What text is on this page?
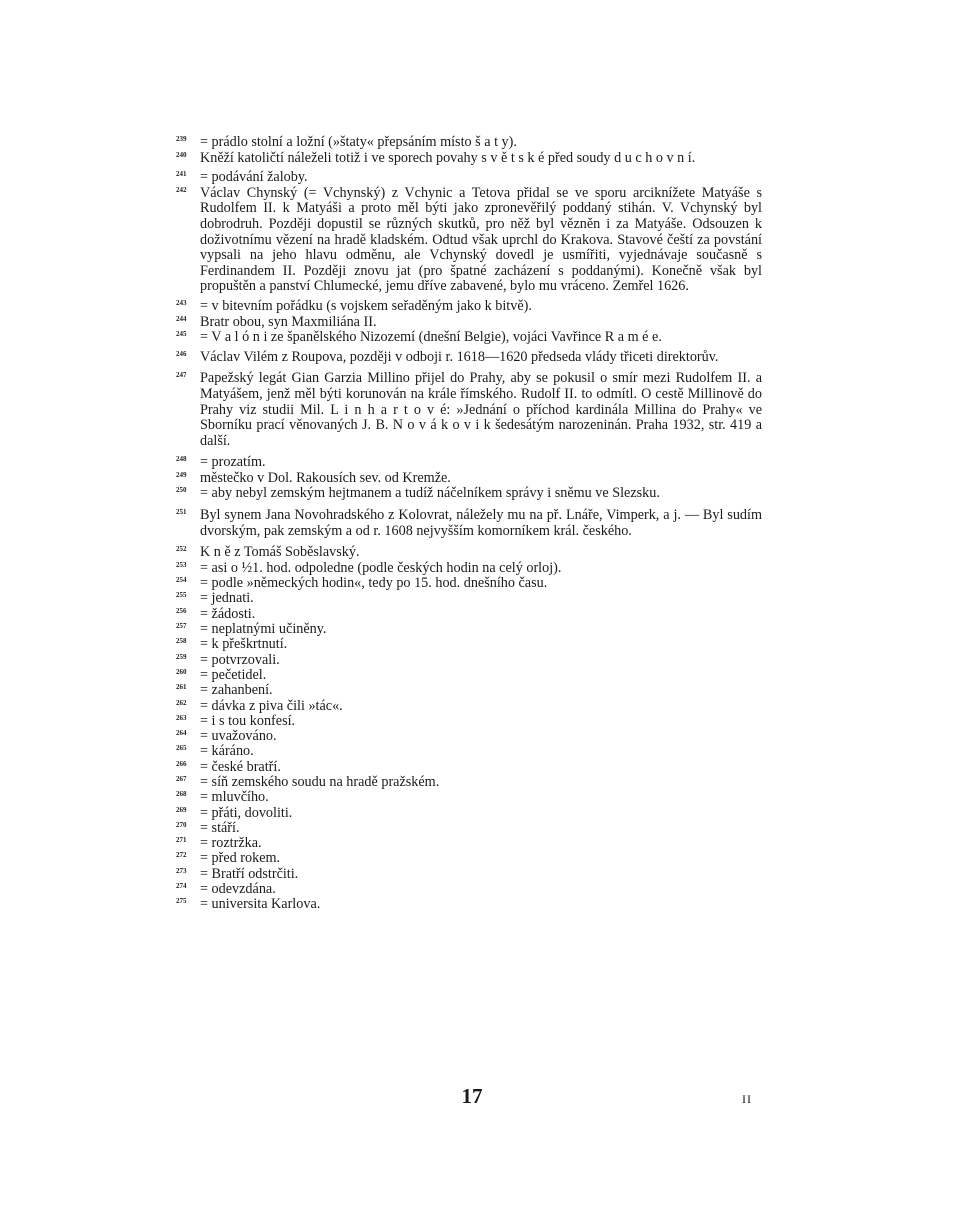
239 = prádlo stolní a ložní (»štaty« přepsáním místo š a t y).

240 Kněží katoličtí náleželi totiž i ve sporech povahy s v ě t s k é před soudy d u c h o v n í.

241 = podávání žaloby.

242 Václav Chynský (= Vchynský) z Vchynic a Tetova přidal se ve sporu arciknížete Matyáše s Rudolfem II. k Matyáši a proto měl býti jako zpronevěřilý poddaný stihán. V. Vchynský byl dobrodruh. Později dopustil se různých skutků, pro něž byl vězněn i za Matyáše. Odsouzen k doživotnímu vězení na hradě kladském. Odtud však uprchl do Krakova. Stavové čeští za povstání vypsali na jeho hlavu odměnu, ale Vchynský dovedl je usmířiti, vyjednávaje současně s Ferdinandem II. Později znovu jat (pro špatné zacházení s poddanými). Konečně však byl propuštěn a panství Chlumecké, jemu dříve zabavené, bylo mu vráceno. Zemřel 1626.

243 = v bitevním pořádku (s vojskem seřaděným jako k bitvě).

244 Bratr obou, syn Maxmiliána II.

245 = V a l ó n i ze španělského Nizozemí (dnešní Belgie), vojáci Vavřince R a m é e.

246 Václav Vilém z Roupova, později v odboji r. 1618—1620 předseda vlády třiceti direktorův.

247 Papežský legát Gian Garzia Millino přijel do Prahy, aby se pokusil o smír mezi Rudolfem II. a Matyášem, jenž měl býti korunován na krále římského. Rudolf II. to odmítl. O cestě Millinově do Prahy viz studii Mil. L i n h a r t o v é: »Jednání o příchod kardinála Millina do Prahy« ve Sborníku prací věnovaných J. B. N o v á k o v i k šedesátým narozeninán. Praha 1932, str. 419 a další.

248 = prozatím.

249 městečko v Dol. Rakousích sev. od Kremže.

250 = aby nebyl zemským hejtmanem a tudíž náčelníkem správy i sněmu ve Slezsku.

251 Byl synem Jana Novohradského z Kolovrat, náležely mu na př. Lnáře, Vimperk, a j. — Byl sudím dvorským, pak zemským a od r. 1608 nejvyšším komorníkem král. českého.

252 K n ě z Tomáš Soběslavský.

253 = asi o ½1. hod. odpoledne (podle českých hodin na celý orloj).

254 = podle »německých hodin«, tedy po 15. hod. dnešního času.

255 = jednati.

256 = žádosti.

257 = neplatnými učiněny.

258 = k přeškrtnutí.

259 = potvrzovali.

260 = pečetidel.

261 = zahanbení.

262 = dávka z piva čili »tác«.

263 = i s tou konfesí.

264 = uvažováno.

265 = káráno.

266 = české bratří.

267 = síň zemského soudu na hradě pražském.

268 = mluvčího.

269 = přáti, dovoliti.

270 = stáří.

271 = roztržka.

272 = před rokem.

273 = Bratří odstrčiti.

274 = odevzdána.

275 = universita Karlova.

17	II
